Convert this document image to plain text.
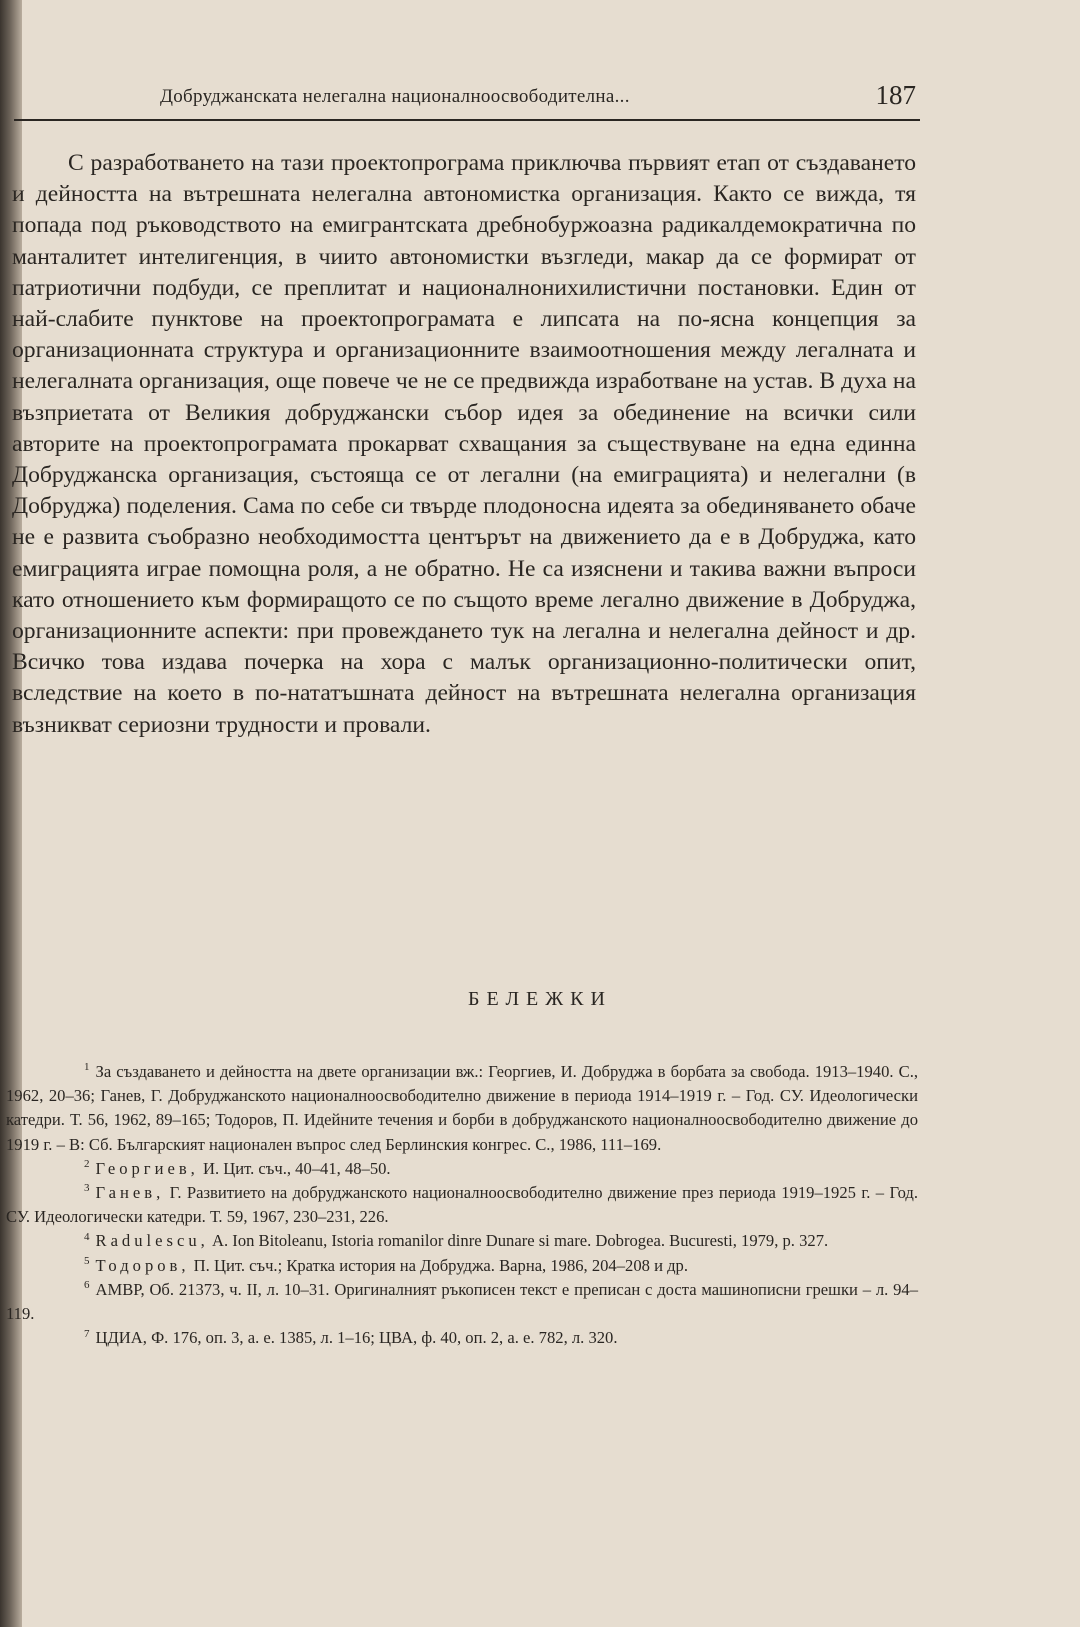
Добруджанската нелегална националноосвободителна...	187

С разработването на тази проектопрограма приключва първият етап от създаването и дейността на вътрешната нелегална автономистка организация. Както се вижда, тя попада под ръководството на емигрантската дребнобуржоазна радикалдемократична по манталитет интелигенция, в чиито автономистки възгледи, макар да се формират от патриотични подбуди, се преплитат и националнонихилистични постановки. Един от най-слабите пунктове на проектопрограмата е липсата на по-ясна концепция за организационната структура и организационните взаимоотношения между легалната и нелегалната организация, още повече че не се предвижда изработване на устав. В духа на възприетата от Великия добруджански събор идея за обединение на всички сили авторите на проектопрограмата прокарват схващания за съществуване на една единна Добруджанска организация, състояща се от легални (на емиграцията) и нелегални (в Добруджа) поделения. Сама по себе си твърде плодоносна идеята за обединяването обаче не е развита съобразно необходимостта центърът на движението да е в Добруджа, като емиграцията играе помощна роля, а не обратно. Не са изяснени и такива важни въпроси като отношението към формиращото се по същото време легално движение в Добруджа, организационните аспекти: при провеждането тук на легална и нелегална дейност и др. Всичко това издава почерка на хора с малък организационно-политически опит, вследствие на което в по-нататъшната дейност на вътрешната нелегална организация възникват сериозни трудности и провали.

БЕЛЕЖКИ

$^1$ За създаването и дейността на двете организации вж.: Георгиев, И. Добруджа в борбата за свобода. 1913–1940. С., 1962, 20–36; Ганев, Г. Добруджанското националноосвободително движение в периода 1914–1919 г. – Год. СУ. Идеологически катедри. Т. 56, 1962, 89–165; Тодоров, П. Идейните течения и борби в добруджанското националноосвободително движение до 1919 г. – В: Сб. Българският национален въпрос след Берлинския конгрес. С., 1986, 111–169.

$^2$ Георгиев, И. Цит. съч., 40–41, 48–50.

$^3$ Ганев, Г. Развитието на добруджанското националноосвободително движение през периода 1919–1925 г. – Год. СУ. Идеологически катедри. Т. 59, 1967, 230–231, 226.

$^4$ Radulescu, A. Ion Bitoleanu, Istoria romanilor dinre Dunare si mare. Dobrogea. Bucuresti, 1979, p. 327.

$^5$ Тодоров, П. Цит. съч.; Кратка история на Добруджа. Варна, 1986, 204–208 и др.

$^6$ АМВР, Об. 21373, ч. II, л. 10–31. Оригиналният ръкописен текст е преписан с доста машинописни грешки – л. 94–119.

$^7$ ЦДИА, Ф. 176, оп. 3, а. е. 1385, л. 1–16; ЦВА, ф. 40, оп. 2, а. е. 782, л. 320.
